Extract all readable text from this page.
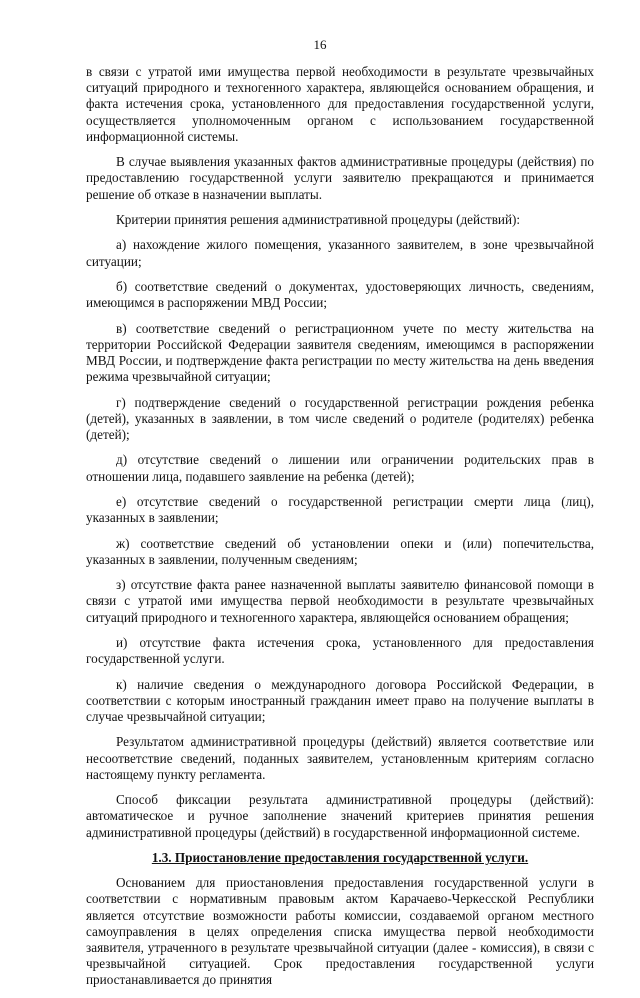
16

в связи с утратой ими имущества первой необходимости в результате чрезвычайных ситуаций природного и техногенного характера, являющейся основанием обращения, и факта истечения срока, установленного для предоставления государственной услуги, осуществляется уполномоченным органом с использованием государственной информационной системы.

В случае выявления указанных фактов административные процедуры (действия) по предоставлению государственной услуги заявителю прекращаются и принимается решение об отказе в назначении выплаты.

Критерии принятия решения административной процедуры (действий):

а) нахождение жилого помещения, указанного заявителем, в зоне чрезвычайной ситуации;

б) соответствие сведений о документах, удостоверяющих личность, сведениям, имеющимся в распоряжении МВД России;

в) соответствие сведений о регистрационном учете по месту жительства на территории Российской Федерации заявителя сведениям, имеющимся в распоряжении МВД России, и подтверждение факта регистрации по месту жительства на день введения режима чрезвычайной ситуации;

г) подтверждение сведений о государственной регистрации рождения ребенка (детей), указанных в заявлении, в том числе сведений о родителе (родителях) ребенка (детей);

д) отсутствие сведений о лишении или ограничении родительских прав в отношении лица, подавшего заявление на ребенка (детей);

е) отсутствие сведений о государственной регистрации смерти лица (лиц), указанных в заявлении;

ж) соответствие сведений об установлении опеки и (или) попечительства, указанных в заявлении, полученным сведениям;

з) отсутствие факта ранее назначенной выплаты заявителю финансовой помощи в связи с утратой ими имущества первой необходимости в результате чрезвычайных ситуаций природного и техногенного характера, являющейся основанием обращения;

и) отсутствие факта истечения срока, установленного для предоставления государственной услуги.

к) наличие сведения о международного договора Российской Федерации, в соответствии с которым иностранный гражданин имеет право на получение выплаты в случае чрезвычайной ситуации;

Результатом административной процедуры (действий) является соответствие или несоответствие сведений, поданных заявителем, установленным критериям согласно настоящему пункту регламента.

Способ фиксации результата административной процедуры (действий): автоматическое и ручное заполнение значений критериев принятия решения административной процедуры (действий) в государственной информационной системе.

1.3. Приостановление предоставления государственной услуги.

Основанием для приостановления предоставления государственной услуги в соответствии с нормативным правовым актом Карачаево-Черкесской Республики является отсутствие возможности работы комиссии, создаваемой органом местного самоуправления в целях определения списка имущества первой необходимости заявителя, утраченного в результате чрезвычайной ситуации (далее - комиссия), в связи с чрезвычайной ситуацией. Срок предоставления государственной услуги приостанавливается до принятия
